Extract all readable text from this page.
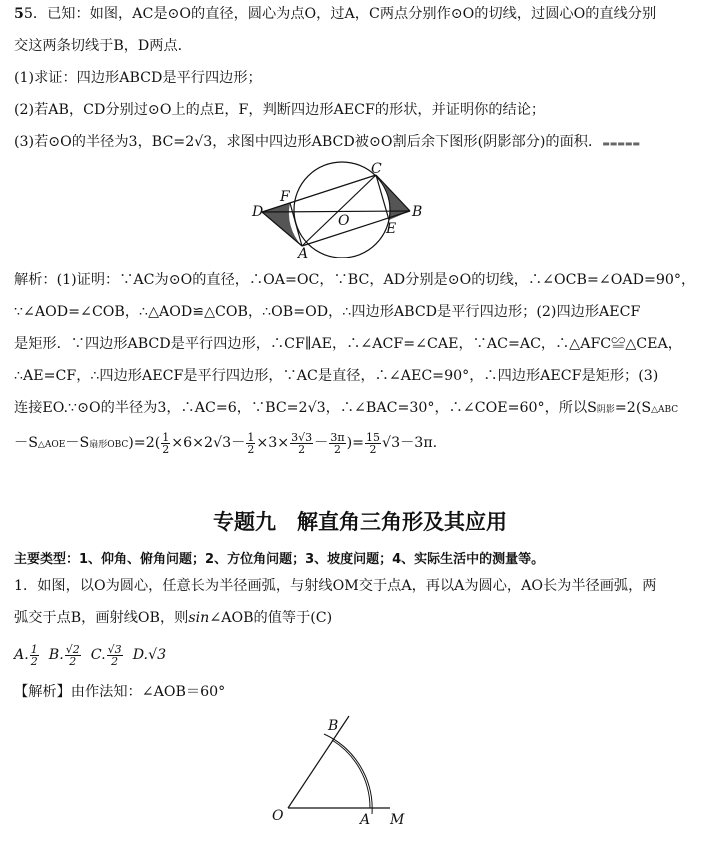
55．已知：如图，AC是⊙O的直径，圆心为点O，过A，C两点分别作⊙O的切线，过圆心O的直线分别
交这两条切线于B，D两点．
(1)求证：四边形ABCD是平行四边形；
(2)若AB，CD分别过⊙O上的点E，F，判断四边形AECF的形状，并证明你的结论；
(3)若⊙O的半径为3，BC=2√3，求图中四边形ABCD被⊙O割后余下图形(阴影部分)的面积．▬▬▬▬▬
C
F
D
O
B
E
A
解析：(1)证明：∵AC为⊙O的直径，∴OA=OC，∵BC，AD分别是⊙O的切线，∴∠OCB=∠OAD=90°，
∵∠AOD=∠COB，∴△AOD≌△COB，∴OB=OD，∴四边形ABCD是平行四边形；(2)四边形AECF
是矩形．∵四边形ABCD是平行四边形，∴CF∥AE，∴∠ACF=∠CAE，∵AC=AC，∴△AFC≌△CEA，
∴AE=CF，∴四边形AECF是平行四边形，∵AC是直径，∴∠AEC=90°，∴四边形AECF是矩形；(3)
连接EO.∵⊙O的半径为3，∴AC=6，∵BC=2√3，∴∠BAC=30°，∴∠COE=60°，所以S阴影=2(S△ABC
－S△AOE－S扇形$OBC)=2( \frac{1}{2} \times 6\times 2√3- \frac{1}{2} \times 3\times \frac{3√3}{2} - \frac{3\pi}{2}$ )= $\frac{15}{2} √3-3\pi$.
专题九　解直角三角形及其应用
主要类型：1、仰角、俯角问题；2、方位角问题；3、坡度问题；4、实际生活中的测量等。
1．如图，以O为圆心，任意长为半径画弧，与射线OM交于点A，再以A为圆心，AO长为半径画弧，两
弧交于点B，画射线OB，则sin∠AOB的值等于(C)
A. $\frac{1}{2} B$. $\frac{√2}{2} C$. $\frac{√3}{2} D.√3$
【解析】由作法知：∠AOB＝60°
B
O	A M
